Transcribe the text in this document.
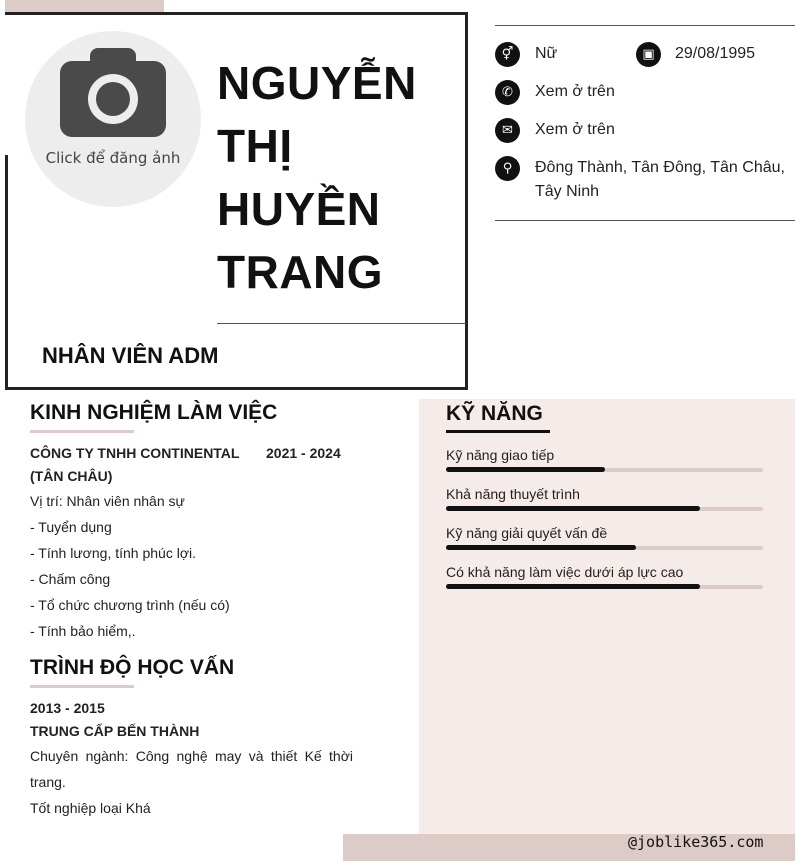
Click để đăng ảnh
NGUYỄN
THỊ
HUYỀN
TRANG
NHÂN VIÊN ADM
⚥	Nữ	▣	29/08/1995
✆	Xem ở trên
✉	Xem ở trên
⚲	Đông Thành, Tân Đông, Tân Châu,
Tây Ninh
@joblike365.com
KINH NGHIỆM LÀM VIỆC
CÔNG TY TNHH CONTINENTAL
(TÂN CHÂU)
2021 - 2024
Vị trí: Nhân viên nhân sự
- Tuyển dụng
- Tính lương, tính phúc lợi.
- Chấm công
- Tổ chức chương trình (nếu có)
- Tính bảo hiểm,.
TRÌNH ĐỘ HỌC VẤN
2013 - 2015
TRUNG CẤP BẾN THÀNH
Chuyên ngành: Công nghệ may và thiết Kế thời
trang.
Tốt nghiệp loại Khá
KỸ NĂNG
Kỹ năng giao tiếp
Khả năng thuyết trình
Kỹ năng giải quyết vấn đề
Có khả năng làm việc dưới áp lực cao
